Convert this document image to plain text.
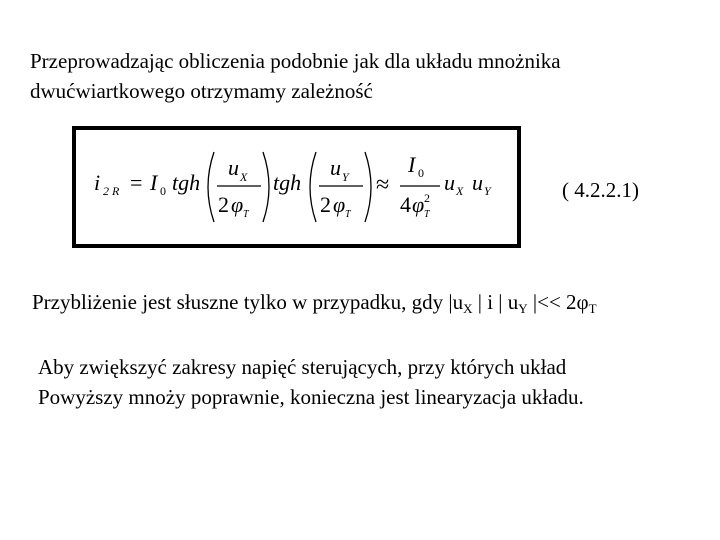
Przeprowadzając obliczenia podobnie jak dla układu mnożnika
dwućwiartkowego otrzymamy zależność
i 2 R = I 0 tgh
u X
2 φ T
tgh
u Y
2 φ T
≈
I 0
4 φ 2
T
u X u Y	( 4.2.2.1)
Przybliżenie jest słuszne tylko w przypadku, gdy $|u_X$ | i | $u_Y$ |<< $2\varphi_T$
Aby zwiększyć zakresy napięć sterujących, przy których układ
Powyższy mnoży poprawnie, konieczna jest linearyzacja układu.
